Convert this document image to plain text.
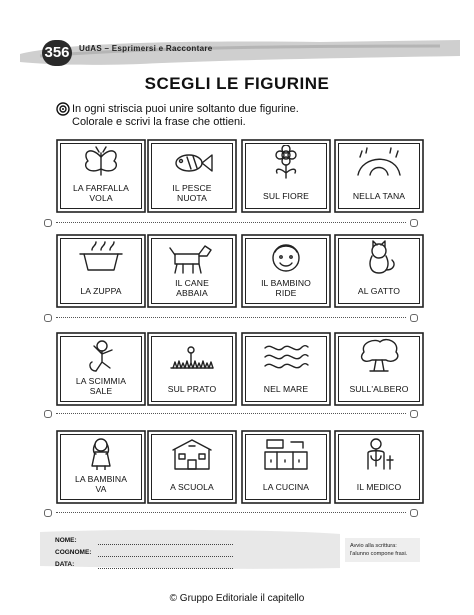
356	UdAS – Esprimersi e Raccontare
SCEGLI LE FIGURINE
In ogni striscia puoi unire soltanto due figurine.
Colorale e scrivi la frase che ottieni.
LA FARFALLA
VOLA
IL PESCE
NUOTA	SUL FIORE	NELLA TANA
LA ZUPPA
IL CANE
ABBAIA
IL BAMBINO
RIDE	AL GATTO
LA SCIMMIA
SALE	SUL PRATO	NEL MARE	SULL'ALBERO
LA BAMBINA
VA	A SCUOLA	LA CUCINA	IL MEDICO
NOME:
COGNOME:
DATA:
Avvio alla scrittura:
l'alunno compone frasi.
© Gruppo Editoriale il capitello
